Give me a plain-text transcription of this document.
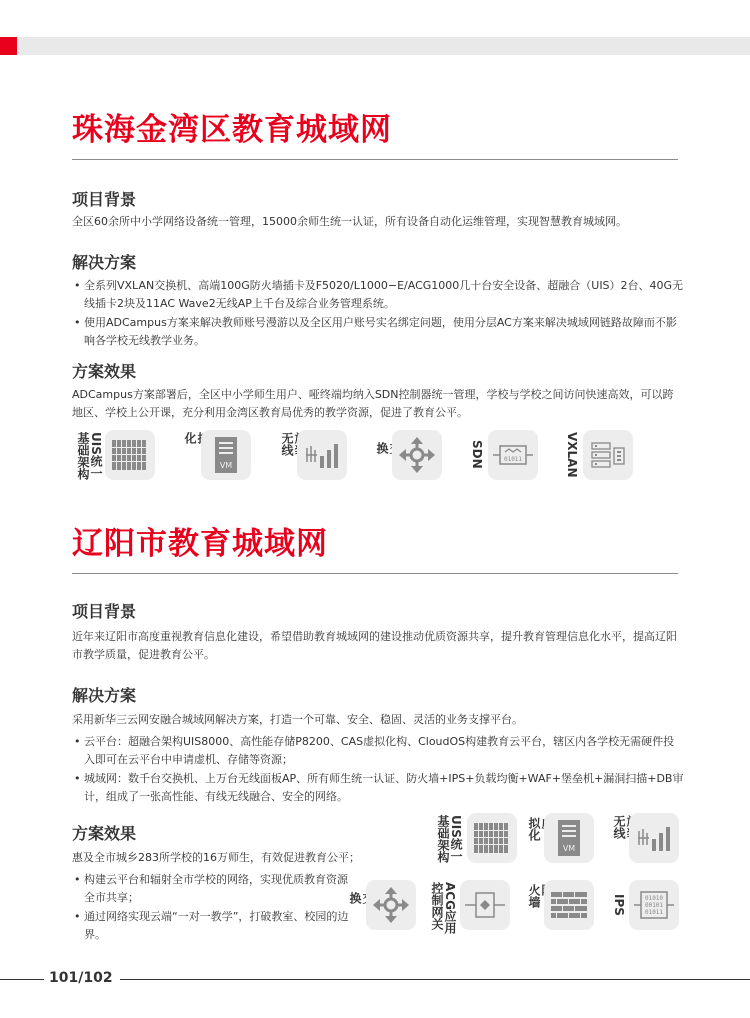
珠海金湾区教育城域网
项目背景
全区60余所中小学网络设备统一管理，15000余师生统一认证，所有设备自动化运维管理，实现智慧教育城域网。
解决方案
• 全系列VXLAN交换机、高端100G防火墙插卡及F5020/L1000−E/ACG1000几十台安全设备、超融合（UIS）2台、40G无线插卡2块及11AC Wave2无线AP上千台及综合业务管理系统。
• 使用ADCampus方案来解决教师账号漫游以及全区用户账号实名绑定问题，使用分层AC方案来解决城域网链路故障而不影响各学校无线教学业务。
方案效果
ADCampus方案部署后，全区中小学师生用户、哑终端均纳入SDN控制器统一管理，学校与学校之间访问快速高效，可以跨地区、学校上公开课，充分利用金湾区教育局优秀的教学资源，促进了教育公平。
UIS统一
基础架构	

化
VM

无线	
换	SDN	01011	VXLAN
辽阳市教育城域网
项目背景
近年来辽阳市高度重视教育信息化建设，希望借助教育城域网的建设推动优质资源共享，提升教育管理信息化水平，提高辽阳市教学质量，促进教育公平。
解决方案
采用新华三云网安融合城域网解决方案，打造一个可靠、安全、稳固、灵活的业务支撑平台。
• 云平台：超融合架构UIS8000、高性能存储P8200、CAS虚拟化构、CloudOS构建教育云平台，辖区内各学校无需硬件投入即可在云平台中申请虚机、存储等资源；
• 城域网：数千台交换机、上万台无线面板AP、所有师生统一认证、防火墙+IPS+负载均衡+WAF+堡垒机+漏洞扫描+DB审计，组成了一张高性能、有线无线融合、安全的网络。
方案效果
惠及全市城乡283所学校的16万师生，有效促进教育公平；
• 构建云平台和辐射全市学校的网络，实现优质教育资源全市共享；
• 通过网络实现云端“一对一教学”，打破教室、校园的边界。
UIS统一
基础架构	
拟化
VM

无线

换	ACG应用
控制网关	
火墙	IPS	01010
00101
01011
101/102
